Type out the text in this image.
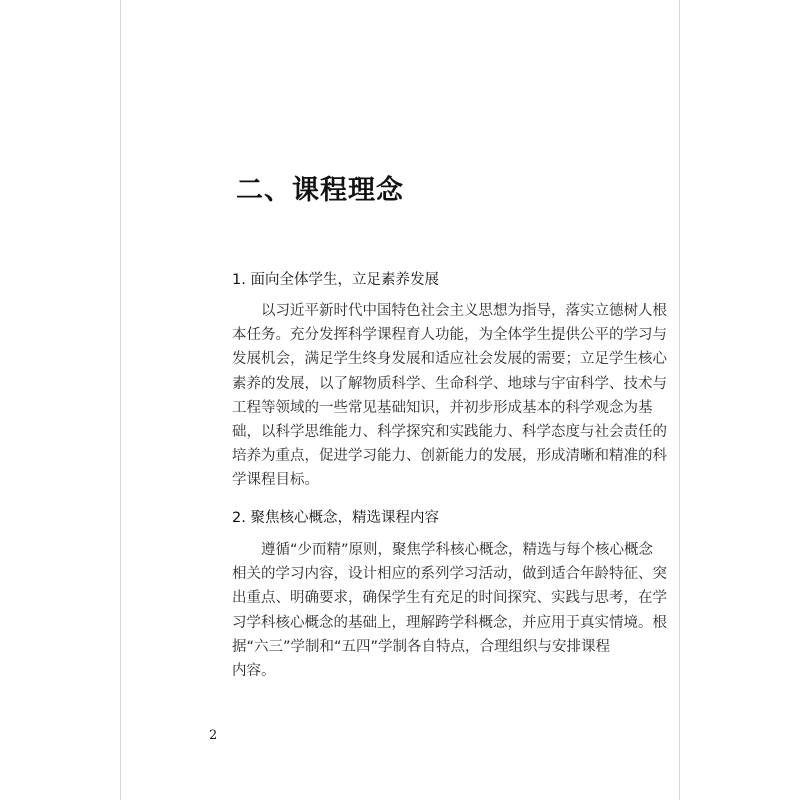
二、课程理念
1. 面向全体学生，立足素养发展
以习近平新时代中国特色社会主义思想为指导，落实立德树人根
本任务。充分发挥科学课程育人功能，为全体学生提供公平的学习与
发展机会，满足学生终身发展和适应社会发展的需要；立足学生核心
素养的发展，以了解物质科学、生命科学、地球与宇宙科学、技术与
工程等领域的一些常见基础知识，并初步形成基本的科学观念为基
础，以科学思维能力、科学探究和实践能力、科学态度与社会责任的
培养为重点，促进学习能力、创新能力的发展，形成清晰和精准的科
学课程目标。
2. 聚焦核心概念，精选课程内容
遵循“少而精”原则，聚焦学科核心概念，精选与每个核心概念
相关的学习内容，设计相应的系列学习活动，做到适合年龄特征、突
出重点、明确要求，确保学生有充足的时间探究、实践与思考，在学
习学科核心概念的基础上，理解跨学科概念，并应用于真实情境。根
据“六三”学制和“五四”学制各自特点，合理组织与安排课程
内容。
2
